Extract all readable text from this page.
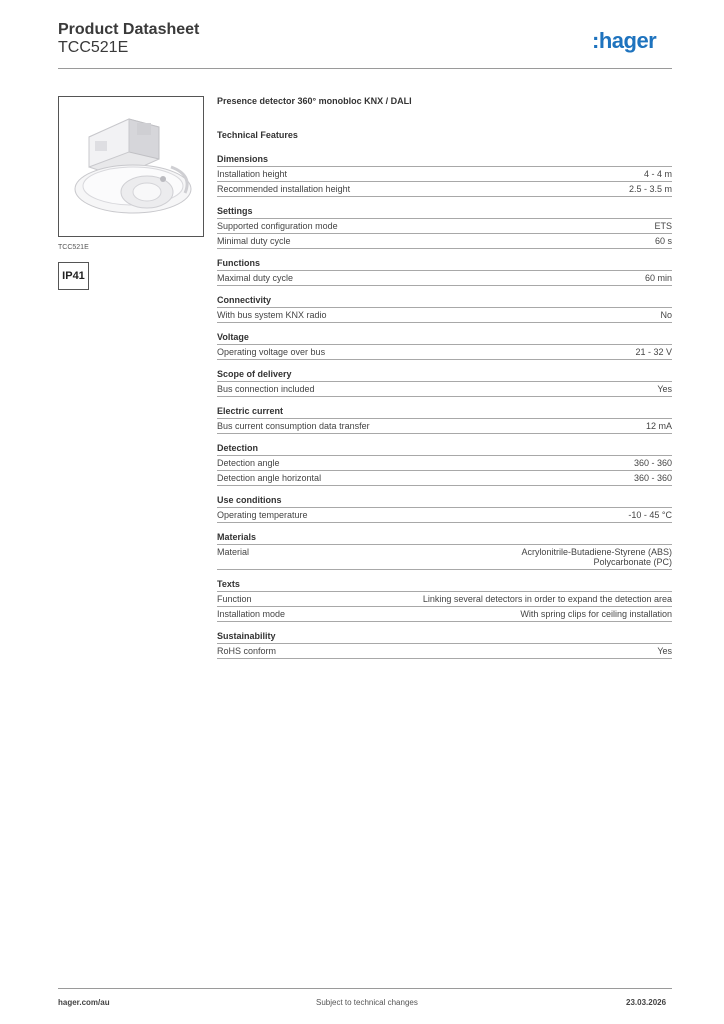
Product Datasheet
TCC521E	:hager
TCC521E
IP41
Presence detector 360° monobloc KNX / DALI
Technical Features
Dimensions
Installation height	4 - 4 m
Recommended installation height	2.5 - 3.5 m
Settings
Supported configuration mode	ETS
Minimal duty cycle	60 s
Functions
Maximal duty cycle	60 min
Connectivity
With bus system KNX radio	No
Voltage
Operating voltage over bus	21 - 32 V
Scope of delivery
Bus connection included	Yes
Electric current
Bus current consumption data transfer	12 mA
Detection
Detection angle	360 - 360
Detection angle horizontal	360 - 360
Use conditions
Operating temperature	-10 - 45 °C
Materials
Material	Acrylonitrile-Butadiene-Styrene (ABS)
Polycarbonate (PC)
Texts
Function	Linking several detectors in order to expand the detection area
Installation mode	With spring clips for ceiling installation
Sustainability
RoHS conform	Yes
hager.com/au	Subject to technical changes	23.03.2026
